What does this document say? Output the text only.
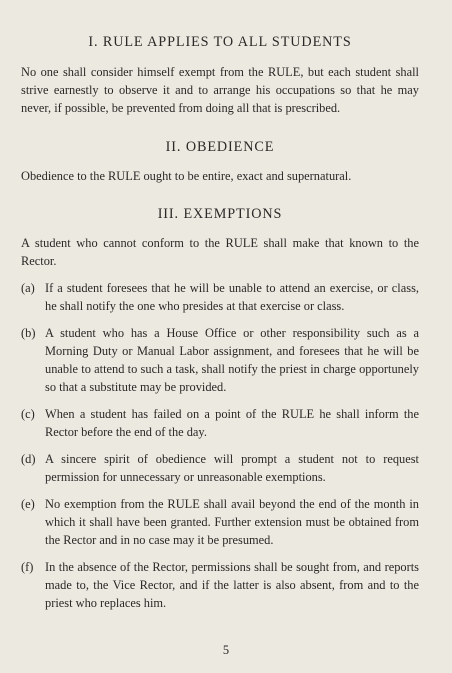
I. RULE APPLIES TO ALL STUDENTS

No one shall consider himself exempt from the RULE, but each student shall strive earnestly to observe it and to arrange his occupations so that he may never, if possible, be prevented from doing all that is prescribed.

II. OBEDIENCE

Obedience to the RULE ought to be entire, exact and supernatural.

III. EXEMPTIONS

A student who cannot conform to the RULE shall make that known to the Rector.

(a) If a student foresees that he will be unable to attend an exercise, or class, he shall notify the one who presides at that exercise or class.
(b) A student who has a House Office or other responsibility such as a Morning Duty or Manual Labor assignment, and foresees that he will be unable to attend to such a task, shall notify the priest in charge opportunely so that a substitute may be provided.
(c) When a student has failed on a point of the RULE he shall inform the Rector before the end of the day.
(d) A sincere spirit of obedience will prompt a student not to request permission for unnecessary or unreasonable exemptions.
(e) No exemption from the RULE shall avail beyond the end of the month in which it shall have been granted. Further extension must be obtained from the Rector and in no case may it be presumed.
(f) In the absence of the Rector, permissions shall be sought from, and reports made to, the Vice Rector, and if the latter is also absent, from and to the priest who replaces him.
5
